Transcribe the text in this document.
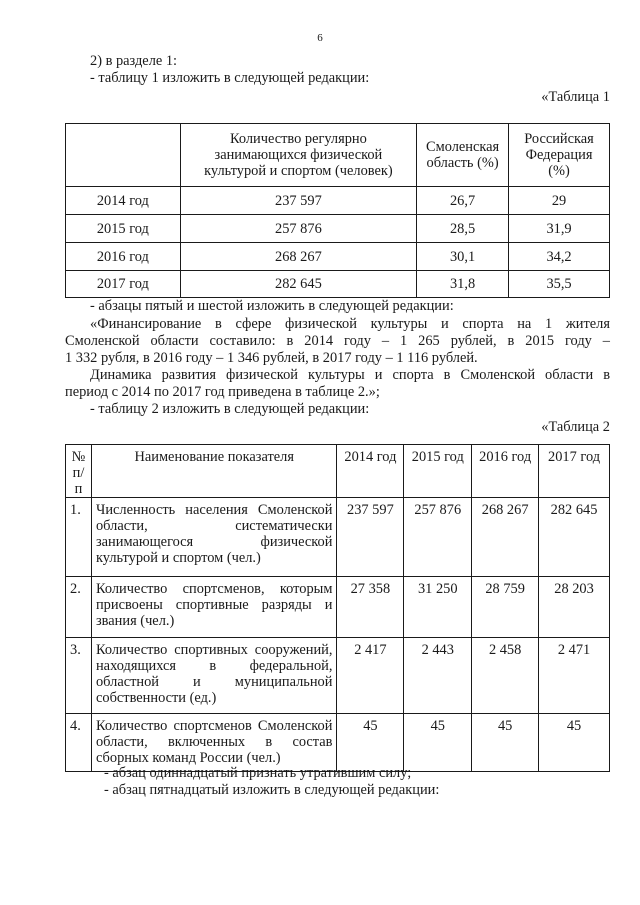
6
2) в разделе 1:
- таблицу 1 изложить в следующей редакции:
«Таблица 1
	Количество регулярно занимающихся физической культурой и спортом (человек)	Смоленская область (%)	Российская Федерация (%)
2014 год	237 597	26,7	29
2015 год	257 876	28,5	31,9
2016 год	268 267	30,1	34,2
2017 год	282 645	31,8	35,5
- абзацы пятый и шестой изложить в следующей редакции:
«Финансирование в сфере физической культуры и спорта на 1 жителя
Смоленской области составило: в 2014 году – 1 265 рублей, в 2015 году –
1 332 рубля, в 2016 году – 1 346 рублей, в 2017 году – 1 116 рублей.
Динамика развития физической культуры и спорта в Смоленской области в
период с 2014 по 2017 год приведена в таблице 2.»;
- таблицу 2 изложить в следующей редакции:
«Таблица 2
№ п/п	Наименование показателя	2014 год	2015 год	2016 год	2017 год
1.	Численность населения Смоленской области, систематически занимающегося физической культурой и спортом (чел.)	237 597	257 876	268 267	282 645
2.	Количество спортсменов, которым присвоены спортивные разряды и звания (чел.)	27 358	31 250	28 759	28 203
3.	Количество спортивных сооружений, находящихся в федеральной, областной и муниципальной собственности (ед.)	2 417	2 443	2 458	2 471
4.	Количество спортсменов Смоленской области, включенных в состав сборных команд России (чел.)	45	45	45	45
- абзац одиннадцатый признать утратившим силу;
- абзац пятнадцатый изложить в следующей редакции:
